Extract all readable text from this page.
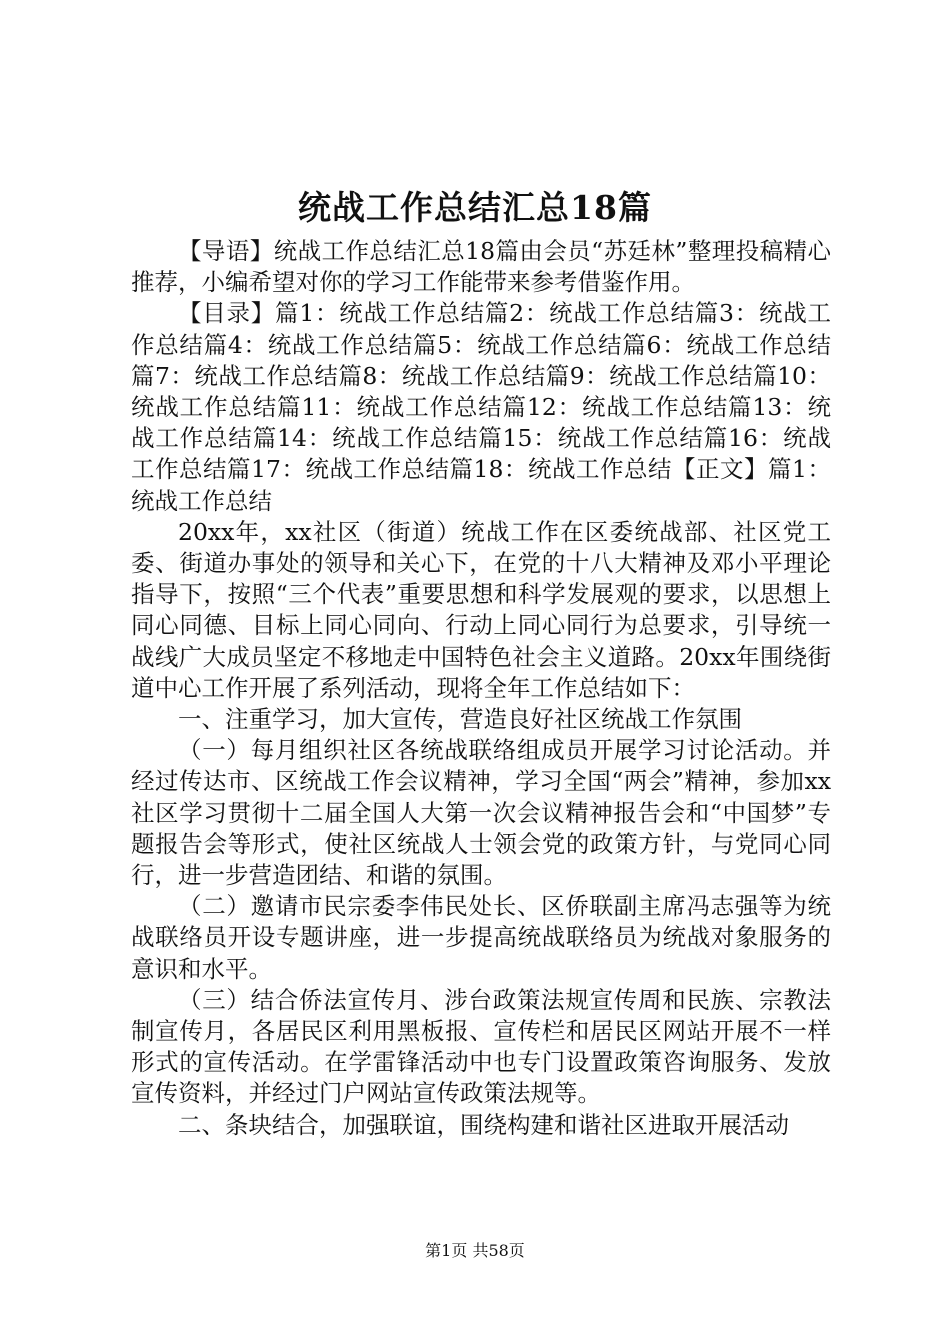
统战工作总结汇总18篇

【导语】统战工作总结汇总18篇由会员“苏廷林”整理投稿精心推荐，小编希望对你的学习工作能带来参考借鉴作用。

【目录】篇1：统战工作总结篇2：统战工作总结篇3：统战工作总结篇4：统战工作总结篇5：统战工作总结篇6：统战工作总结篇7：统战工作总结篇8：统战工作总结篇9：统战工作总结篇10：统战工作总结篇11：统战工作总结篇12：统战工作总结篇13：统战工作总结篇14：统战工作总结篇15：统战工作总结篇16：统战工作总结篇17：统战工作总结篇18：统战工作总结【正文】篇1：统战工作总结

20xx年，xx社区（街道）统战工作在区委统战部、社区党工委、街道办事处的领导和关心下，在党的十八大精神及邓小平理论指导下，按照“三个代表”重要思想和科学发展观的要求，以思想上同心同德、目标上同心同向、行动上同心同行为总要求，引导统一战线广大成员坚定不移地走中国特色社会主义道路。20xx年围绕街道中心工作开展了系列活动，现将全年工作总结如下：

一、注重学习，加大宣传，营造良好社区统战工作氛围

（一）每月组织社区各统战联络组成员开展学习讨论活动。并经过传达市、区统战工作会议精神，学习全国“两会”精神，参加xx社区学习贯彻十二届全国人大第一次会议精神报告会和“中国梦”专题报告会等形式，使社区统战人士领会党的政策方针，与党同心同行，进一步营造团结、和谐的氛围。

（二）邀请市民宗委李伟民处长、区侨联副主席冯志强等为统战联络员开设专题讲座，进一步提高统战联络员为统战对象服务的意识和水平。

（三）结合侨法宣传月、涉台政策法规宣传周和民族、宗教法制宣传月，各居民区利用黑板报、宣传栏和居民区网站开展不一样形式的宣传活动。在学雷锋活动中也专门设置政策咨询服务、发放宣传资料，并经过门户网站宣传政策法规等。

二、条块结合，加强联谊，围绕构建和谐社区进取开展活动

第1页 共58页
